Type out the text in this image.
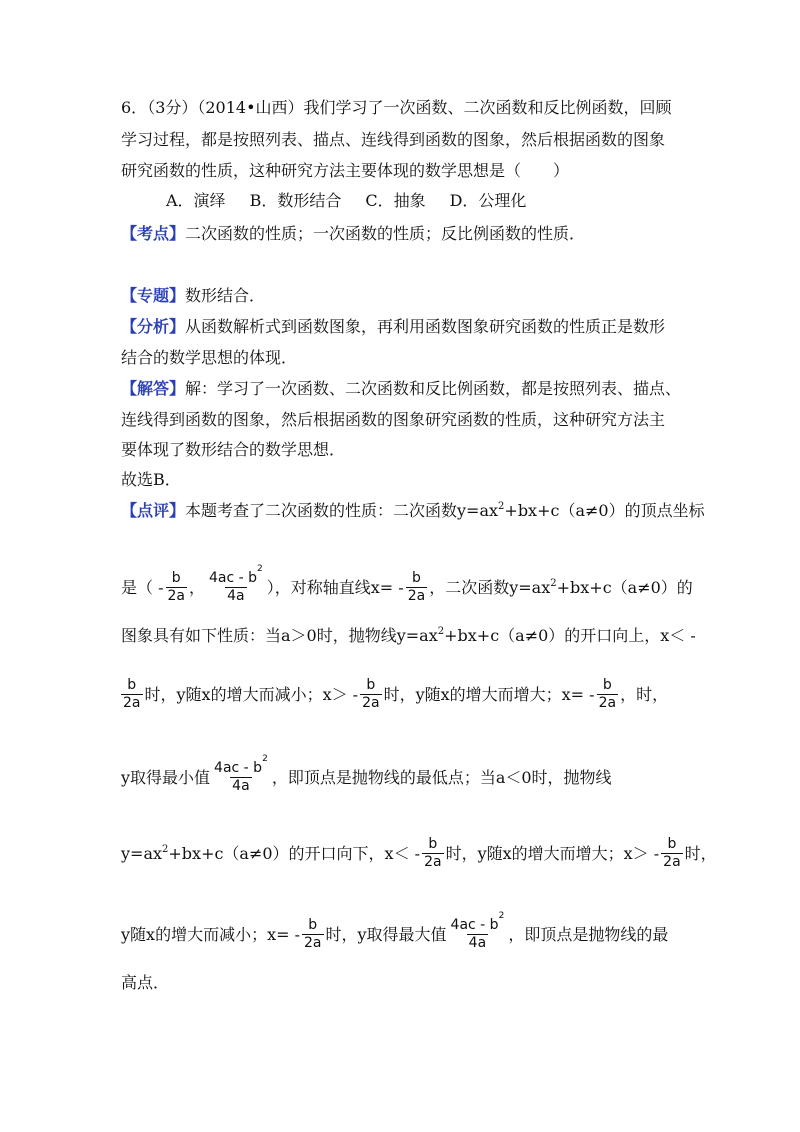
6．（3分）（2014•山西）我们学习了一次函数、二次函数和反比例函数，回顾
学习过程，都是按照列表、描点、连线得到函数的图象，然后根据函数的图象
研究函数的性质，这种研究方法主要体现的数学思想是（　　）
A．演绎 B．数形结合 C．抽象 D．公理化
【考点】二次函数的性质；一次函数的性质；反比例函数的性质．
【专题】数形结合．
【分析】从函数解析式到函数图象，再利用函数图象研究函数的性质正是数形
结合的数学思想的体现．
【解答】解：学习了一次函数、二次函数和反比例函数，都是按照列表、描点、
连线得到函数的图象，然后根据函数的图象研究函数的性质，这种研究方法主
要体现了数形结合的数学思想．
故选B．
【点评】本题考查了二次函数的性质：二次函数$y=ax^2+bx+c(a\ne 0)$的顶点坐标
是（ - $\frac{b}{2a}$ ， $\frac{4ac - b^2}{4a}$ ），对称轴直线$x= - \frac{b}{2a}$ ，二次函数$y=ax^2+bx+c(a\ne 0)$的
图象具有如下性质：当a＞0时，抛物线$y=ax^2+bx+c(a\ne 0)$的开口向上，x＜ -
$\frac{b}{2a}$ 时，y随x的增大而减小；$x> - \frac{b}{2a}$ 时，y随x的增大而增大；$x= - \frac{b}{2a}$ ，时，
y取得最小值 $\frac{4ac - b^2}{4a}$ ，即顶点是抛物线的最低点；当a＜0时，抛物线
$y=ax^2+bx+c(a\ne 0)$的开口向下，$x< - \frac{b}{2a}$ 时，y随x的增大而增大；$x> - \frac{b}{2a}$ 时，
y随x的增大而减小；$x= - \frac{b}{2a}$ 时，y取得最大值 $\frac{4ac - b^2}{4a}$ ，即顶点是抛物线的最
高点．
